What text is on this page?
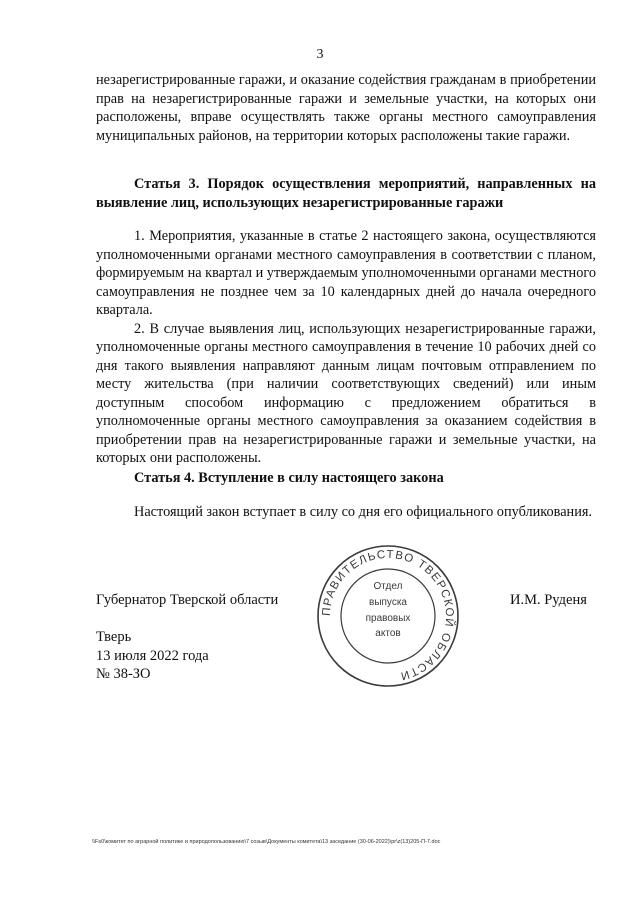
3

незарегистрированные гаражи, и оказание содействия гражданам в приобретении прав на незарегистрированные гаражи и земельные участки, на которых они расположены, вправе осуществлять также органы местного самоуправления муниципальных районов, на территории которых расположены такие гаражи.

Статья 3. Порядок осуществления мероприятий, направленных на выявление лиц, использующих незарегистрированные гаражи

1. Мероприятия, указанные в статье 2 настоящего закона, осуществляются уполномоченными органами местного самоуправления в соответствии с планом, формируемым на квартал и утверждаемым уполномоченными органами местного самоуправления не позднее чем за 10 календарных дней до начала очередного квартала.

2. В случае выявления лиц, использующих незарегистрированные гаражи, уполномоченные органы местного самоуправления в течение 10 рабочих дней со дня такого выявления направляют данным лицам почтовым отправлением по месту жительства (при наличии соответствующих сведений) или иным доступным способом информацию с предложением обратиться в уполномоченные органы местного самоуправления за оказанием содействия в приобретении прав на незарегистрированные гаражи и земельные участки, на которых они расположены.

Статья 4. Вступление в силу настоящего закона

Настоящий закон вступает в силу со дня его официального опубликования.

Губернатор Тверской области	И.М. Руденя
Тверь
13 июля 2022 года
№ 38-ЗО
ПРАВИТЕЛЬСТВО ТВЕРСКОЙ ОБЛАСТИ
Отдел
выпуска
правовых
актов
\\Fs0\комитет по аграрной политике и природопользованию\7 созыв\Документы комитета\13 заседание (30-06-2022)\pr\z(13)205-П-7.doc
